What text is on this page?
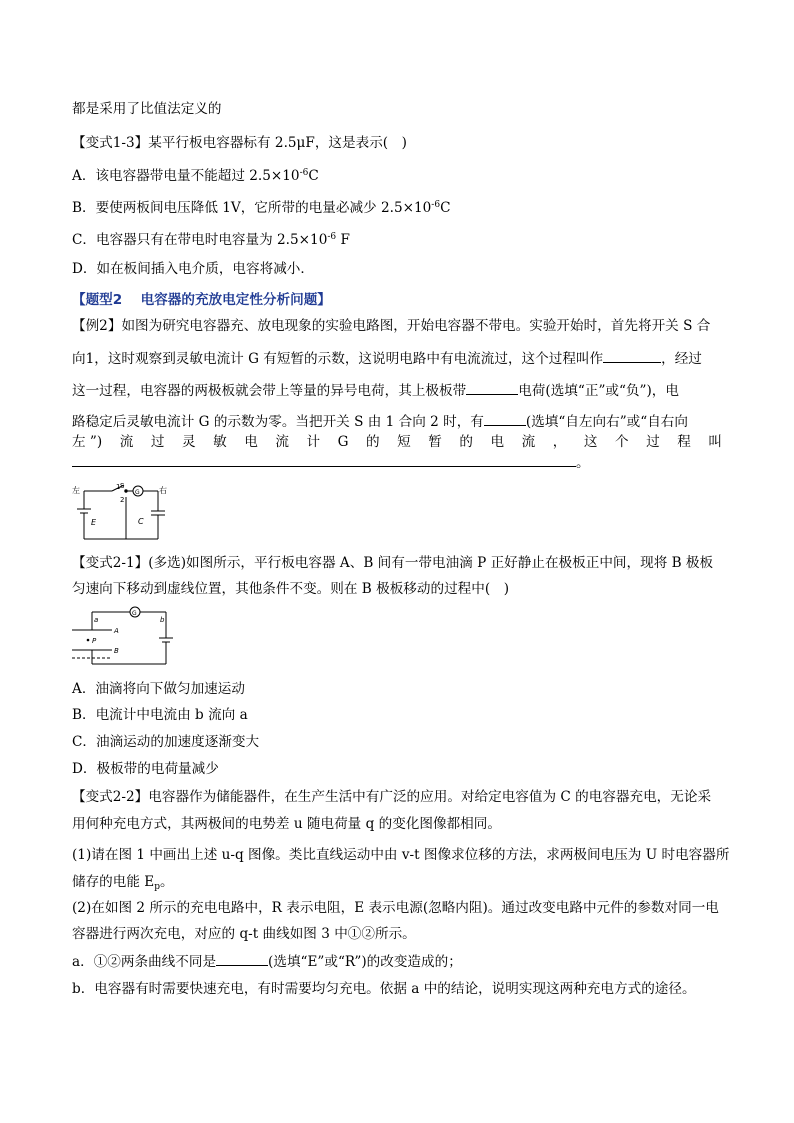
都是采用了比值法定义的
【变式1-3】某平行板电容器标有 2.5μF，这是表示(　)
A．该电容器带电量不能超过 $2.5\times 10^{-6}C$
B．要使两板间电压降低 1V，它所带的电量必减少 $2.5\times 10^{-6}C$
C．电容器只有在带电时电容量为 $2.5\times 10^{-6}$ F
D．如在板间插入电介质，电容将减小．
【题型2　 电容器的充放电定性分析问题】
【例2】如图为研究电容器充、放电现象的实验电路图，开始电容器不带电。实验开始时，首先将开关 S 合
向1，这时观察到灵敏电流计 G 有短暂的示数，这说明电路中有电流流过，这个过程叫作	，经过
这一过程，电容器的两极板就会带上等量的异号电荷，其上极板带	电荷(选填“正”或“负”)，电
路稳定后灵敏电流计 G 的示数为零。当把开关 S 由 1 合向 2 时，有	(选填“自左向右”或“自右向
左 ”) 流 过 灵 敏 电 流 计 G 的 短 暂 的 电 流 ， 这 个 过 程 叫
。
左	右
1 S
2
G
E	C
【变式2-1】(多选)如图所示，平行板电容器 A、B 间有一带电油滴 P 正好静止在极板正中间，现将 B 极板
匀速向下移动到虚线位置，其他条件不变。则在 B 极板移动的过程中(　)
G
a	b
A
P
B
A．油滴将向下做匀加速运动
B．电流计中电流由 b 流向 a
C．油滴运动的加速度逐渐变大
D．极板带的电荷量减少
【变式2-2】电容器作为储能器件，在生产生活中有广泛的应用。对给定电容值为 C 的电容器充电，无论采
用何种充电方式，其两极间的电势差 u 随电荷量 q 的变化图像都相同。
(1)请在图 1 中画出上述 u-q 图像。类比直线运动中由 v-t 图像求位移的方法，求两极间电压为 U 时电容器所
储存的电能 $E_p$。
(2)在如图 2 所示的充电电路中，R 表示电阻，E 表示电源(忽略内阻)。通过改变电路中元件的参数对同一电
容器进行两次充电，对应的 q-t 曲线如图 3 中①②所示。
a．①②两条曲线不同是	(选填“E”或“R”)的改变造成的；
b．电容器有时需要快速充电，有时需要均匀充电。依据 a 中的结论，说明实现这两种充电方式的途径。
